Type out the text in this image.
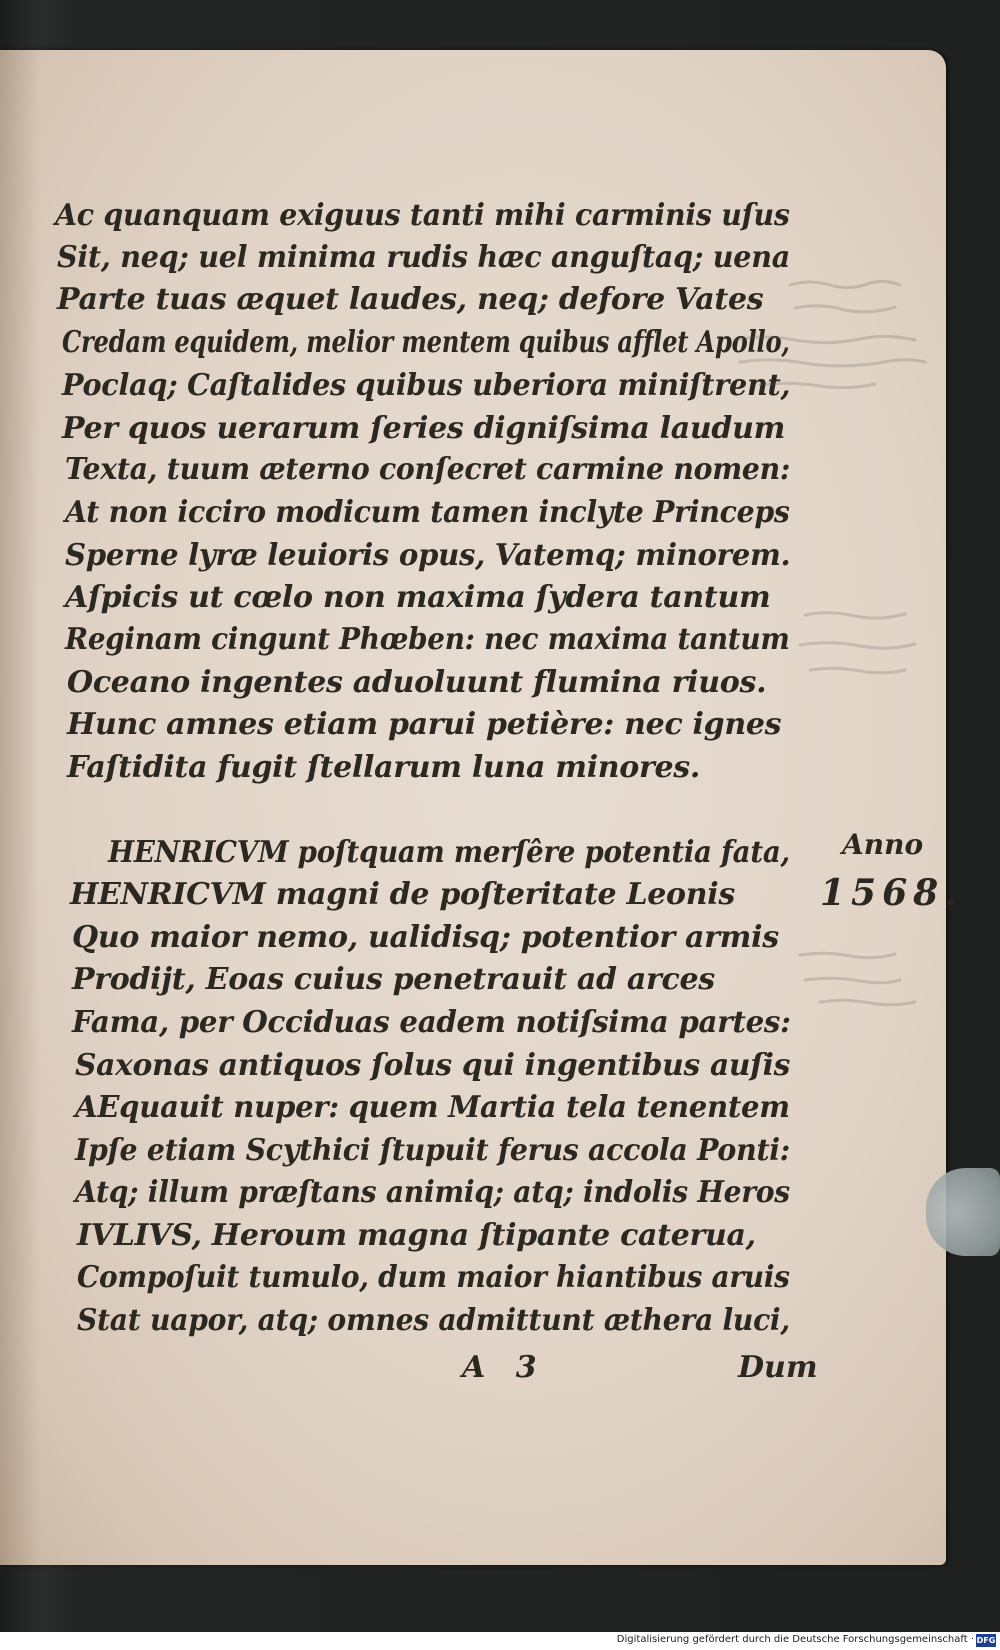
Ac quanquam exiguus tanti mihi carminis uſus
Sit, neq; uel minima rudis hæc anguſtaq; uena
Parte tuas æquet laudes, neq; defore Vates
Credam equidem, melior mentem quibus afflet Apollo,
Poclaq; Caſtalides quibus uberiora miniſtrent,
Per quos uerarum ſeries digniſsima laudum
Texta, tuum æterno conſecret carmine nomen:
At non icciro modicum tamen inclyte Princeps
Sperne lyræ leuioris opus, Vatemq; minorem.
Aſpicis ut cœlo non maxima ſydera tantum
Reginam cingunt Phœben: nec maxima tantum
Oceano ingentes aduoluunt flumina riuos.
Hunc amnes etiam parui petière: nec ignes
Faſtidita fugit ſtellarum luna minores.
HENRICVM poſtquam merſêre potentia fata,
HENRICVM magni de poſteritate Leonis
Quo maior nemo, ualidisq; potentior armis
Prodijt, Eoas cuius penetrauit ad arces
Fama, per Occiduas eadem notiſsima partes:
Saxonas antiquos ſolus qui ingentibus auſis
AEquauit nuper: quem Martia tela tenentem
Ipſe etiam Scythici ſtupuit ferus accola Ponti:
Atq; illum præſtans animiq; atq; indolis Heros
IVLIVS, Heroum magna ſtipante caterua,
Compoſuit tumulo, dum maior hiantibus aruis
Stat uapor, atq; omnes admittunt æthera luci,
Anno
1568.
A 3	Dum
Digitalisierung gefördert durch die Deutsche Forschungsgemeinschaft · DFG
